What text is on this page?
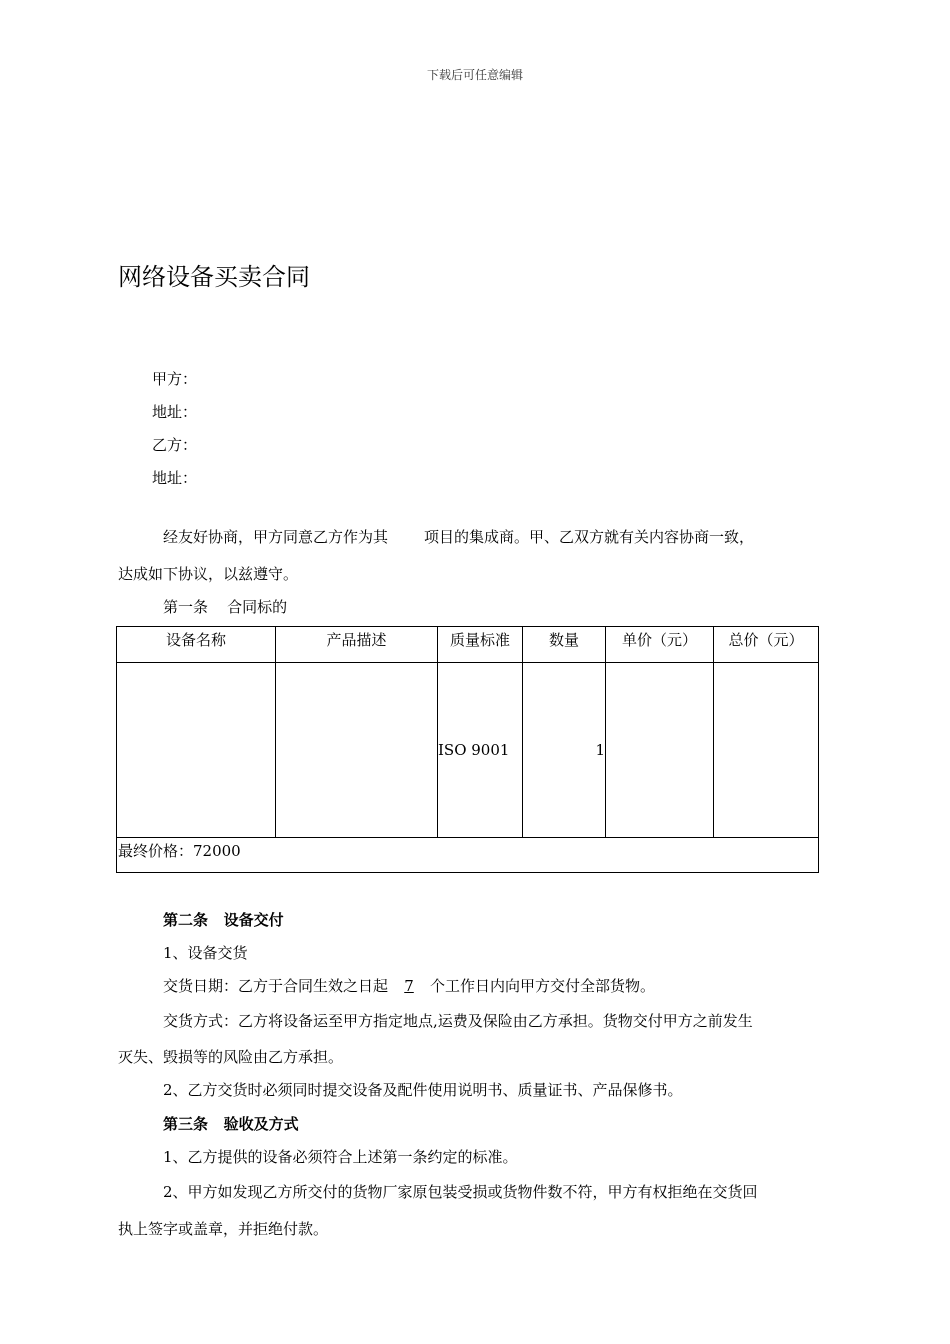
下载后可任意编辑
网络设备买卖合同
甲方：
地址：
乙方：
地址：
经友好协商，甲方同意乙方作为其 项目的集成商。甲、乙双方就有关内容协商一致，
达成如下协议，以兹遵守。
第一条    合同标的
设备名称	产品描述	质量标准	数量	单价（元）	总价（元）
		ISO 9001	1		
最终价格：72000					
第二条   设备交付
1、设备交货
交货日期：乙方于合同生效之日起 7 个工作日内向甲方交付全部货物。
交货方式：乙方将设备运至甲方指定地点,运费及保险由乙方承担。货物交付甲方之前发生
灭失、毁损等的风险由乙方承担。
2、乙方交货时必须同时提交设备及配件使用说明书、质量证书、产品保修书。
第三条   验收及方式
1、乙方提供的设备必须符合上述第一条约定的标准。
2、甲方如发现乙方所交付的货物厂家原包装受损或货物件数不符，甲方有权拒绝在交货回
执上签字或盖章，并拒绝付款。
